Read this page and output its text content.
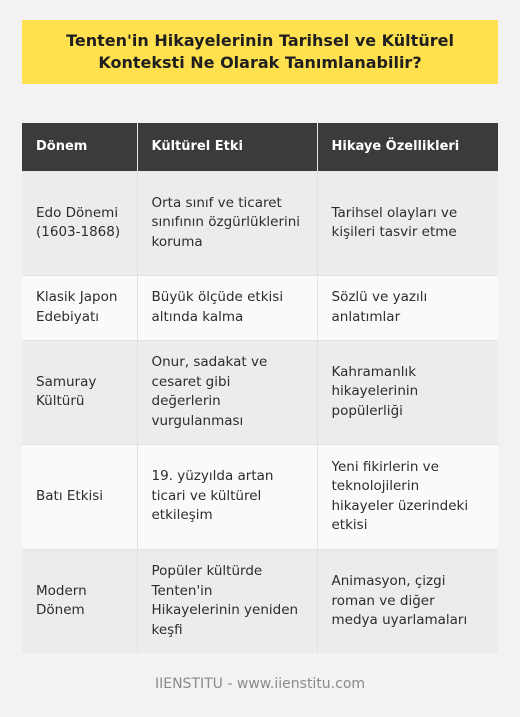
Tenten'in Hikayelerinin Tarihsel ve Kültürel Konteksti Ne Olarak Tanımlanabilir?
Dönem	Kültürel Etki	Hikaye Özellikleri
Edo Dönemi (1603-1868)	Orta sınıf ve ticaret sınıfının özgürlüklerini koruma	Tarihsel olayları ve kişileri tasvir etme
Klasik Japon Edebiyatı	Büyük ölçüde etkisi altında kalma	Sözlü ve yazılı anlatımlar
Samuray Kültürü	Onur, sadakat ve cesaret gibi değerlerin vurgulanması	Kahramanlık hikayelerinin popülerliği
Batı Etkisi	19. yüzyılda artan ticari ve kültürel etkileşim	Yeni fikirlerin ve teknolojilerin hikayeler üzerindeki etkisi
Modern Dönem	Popüler kültürde Tenten'in Hikayelerinin yeniden keşfi	Animasyon, çizgi roman ve diğer medya uyarlamaları
IIENSTITU - www.iienstitu.com
